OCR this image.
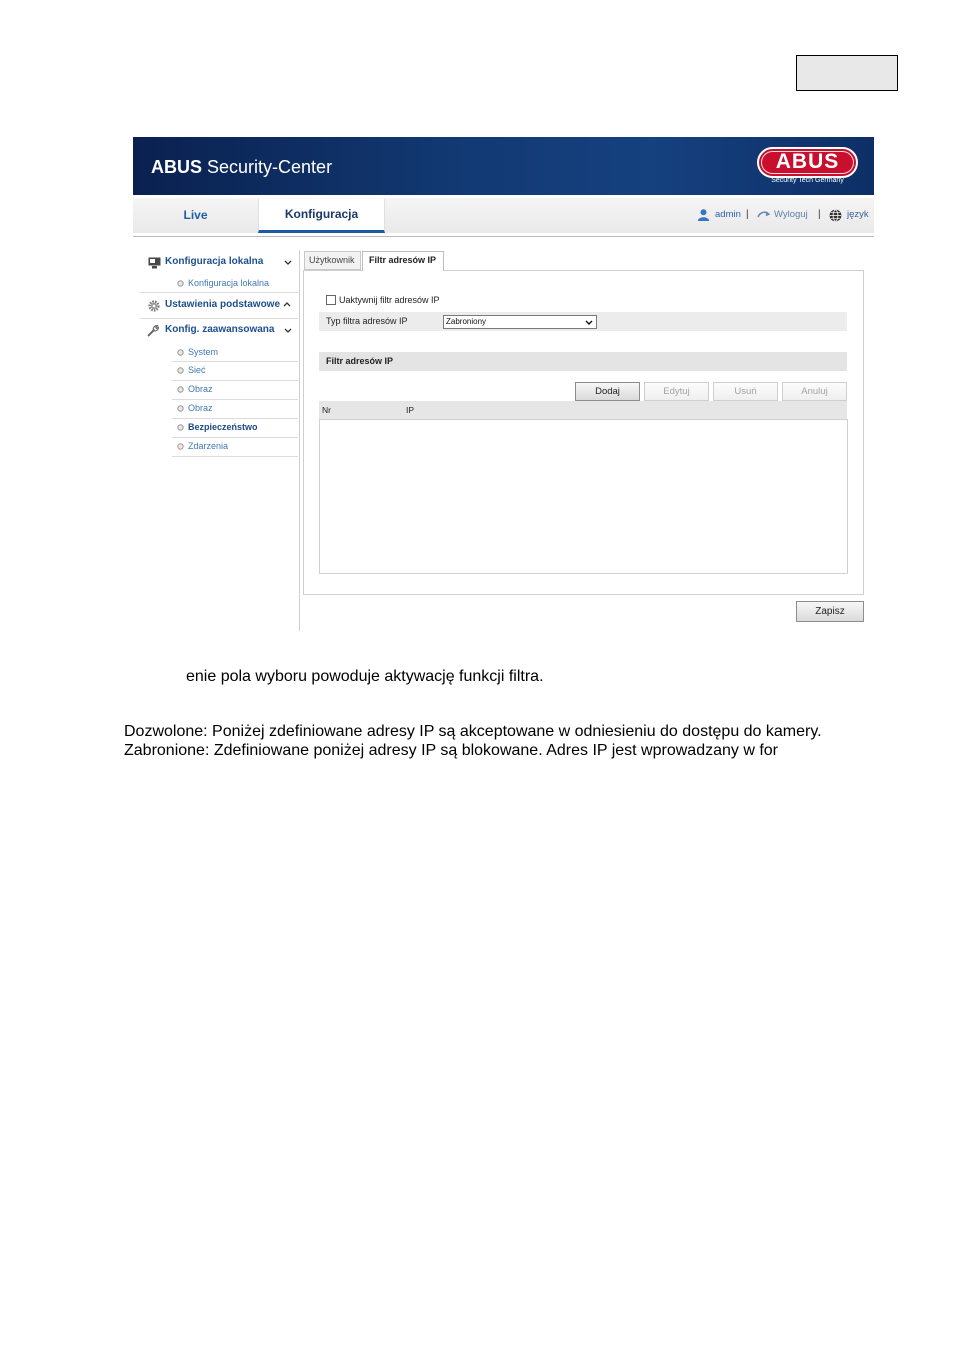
ABUS Security-Center	ABUS
Security Tech Germany
Live	Konfiguracja	admin |	Wyloguj |	język
Konfiguracja lokalna
Konfiguracja lokalna
Ustawienia podstawowe
Konfig. zaawansowana
System
Sieć
Obraz
Obraz
Bezpieczeństwo
Zdarzenia
Użytkownik	Filtr adresów IP
Uaktywnij filtr adresów IP
Typ filtra adresów IP	Zabroniony
Filtr adresów IP
Dodaj	Edytuj	Usuń	Anuluj
Nr	IP
Zapisz
enie pola wyboru powoduje aktywację funkcji filtra.
Dozwolone: Poniżej zdefiniowane adresy IP są akceptowane w odniesieniu do dostępu do kamery.
Zabronione: Zdefiniowane poniżej adresy IP są blokowane. Adres IP jest wprowadzany w for
